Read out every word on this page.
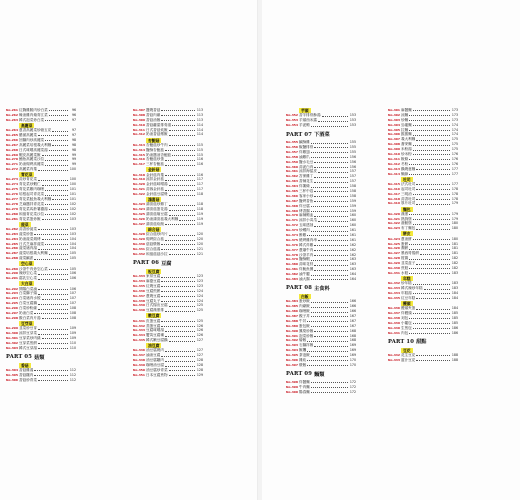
No.261 紅麴雞腿肉炒白菜	96
No.262 蠔油雞肉燴青江菜	96
No.263 韓式泡菜炒白菜	97
高麗菜
No.264 蔥香高麗菜炒豬五花	97
No.265 醋溜高麗菜	97
No.266 回鍋肉炒高麗菜	98
No.267 高麗菜培根義大利麵	98
No.268 日式味噌高麗菜湯	98
No.269 蝦皮高麗菜飯	99
No.270 鮪魚高麗菜沙拉	99
No.271 奶油焗烤高麗菜	99
No.272 高麗菜肉捲	100
青花菜
No.273 蒜炒青花菜	100
No.274 青花菜炒蝦仁	100
No.275 青花菜雞肉咖哩	101
No.276 培根起司青花菜	101
No.277 青花菜鮭魚義大利麵	101
No.278 芝麻醬拌青花菜	102
No.279 青花菜馬鈴薯濃湯	102
No.280 和風青花菜沙拉	102
No.281 青花菜蛋炒飯	103
菠菜
No.282 蒜香炒菠菜	103
No.283 菠菜炒蛋	103
No.284 奶油菠菜焗烤	104
No.285 日式芝麻拌菠菜	104
No.286 菠菜豬肉湯	104
No.287 菠菜培根義大利麵	105
No.288 菠菜鹹派	105
空心菜
No.289 沙茶牛肉炒空心菜	105
No.290 辣炒空心菜	106
No.291 腐乳空心菜	106
大白菜
No.292 開陽白菜滷	106
No.293 白菜獅子頭	107
No.294 白菜豬肉水餃	107
No.295 白菜豆腐鍋	107
No.296 白菜炒粉絲	108
No.297 奶油白菜	108
No.298 酸白菜肉片湯	108
豆芽菜
No.299 韭菜炒豆芽	109
No.300 涼拌豆芽菜	109
No.301 豆芽菜炒肉絲	109
No.302 豆芽菜煎餅	110
No.303 韓式豆芽湯	110
PART 05 菇類
香菇
No.304 香菇雞湯	112
No.305 香菇鑲肉	112
No.306 香菇炒青菜	112
No.307 醬燒香菇	113
No.308 香菇肉燥	113
No.309 香菇油飯	113
No.310 香菇蘿蔔排骨湯	114
No.311 日式香菇炊飯	114
No.312 奶油香菇燉飯	114
杏鮑菇
No.313 杏鮑菇炒牛肉	115
No.314 鹽酥杏鮑菇	115
No.315 奶油醬油杏鮑菇	115
No.316 杏鮑菇炒蛋	116
No.317 三杯杏鮑菇	116
金針菇
No.318 金針菇肉捲	116
No.319 涼拌金針菇	117
No.320 金針菇味噌湯	117
No.321 蒜蓉金針菇	117
No.322 金針菇豆腐煲	118
鴻喜菇
No.323 鴻喜菇炒雞丁	118
No.324 鴻喜菇蛋花湯	118
No.325 鴻喜菇燴豆腐	119
No.326 奶油鴻喜菇義大利麵	119
No.327 鴻喜菇炊飯	119
綜合菇
No.328 綜合菇炒肉片	120
No.329 焗烤綜合菇	120
No.330 菇菇燉飯	120
No.331 綜合菇湯	121
No.332 和風菇菇沙拉	121
PART 06 豆腐
板豆腐
No.333 家常豆腐	123
No.334 麻婆豆腐	123
No.335 紅燒豆腐	123
No.336 豆腐煎餅	124
No.337 蔥燒豆腐	124
No.338 豆腐丸子	124
No.339 日式揚出豆腐	125
No.340 豆腐漢堡排	125
嫩豆腐
No.341 皮蛋豆腐	125
No.342 蒸蛋豆腐	126
No.343 豆腐味噌湯	126
No.344 蟹黃豆腐羹	126
No.345 韓式嫩豆腐鍋	127
油豆腐
No.346 油豆腐燒肉	127
No.347 滷油豆腐	127
No.348 油豆腐鑲肉	128
No.349 咖哩油豆腐	128
No.350 油豆腐炒青菜	128
No.351 日本豆腐煮物	129
芋頭
No.352 香芋排骨酥湯	153
No.353 芋頭西米露	153
No.354 芋泥鴨	153
PART 07 下酒菜
No.355 鹹酥雞	155
No.356 椒鹽排骨	155
No.357 炸雞翅	155
No.358 滷雞爪	156
No.359 鹽水毛豆	156
No.360 蒜泥白肉	156
No.361 涼拌海蜇皮	157
No.362 宮保雞丁	157
No.363 香辣花生	157
No.364 炸薯條	158
No.365 三杯中卷	158
No.366 客家小炒	158
No.367 鹽烤香魚	159
No.368 炸豆腐	159
No.369 烤香腸	159
No.370 麻辣鴨血	160
No.371 涼拌小黃瓜	160
No.372 五味透抽	160
No.373 炒螺肉	161
No.374 醉雞	161
No.375 燒烤雞肉串	161
No.376 韓式炸雞	162
No.377 蔥爆牛肉	162
No.378 沙茶羊肉	162
No.379 鹽酥蝦	163
No.380 蒜味花枝	163
No.381 炸魷魚圈	163
No.382 滷牛腱	164
No.383 滷大腸	164
PART 08 主食料
白飯
No.384 蛋炒飯	166
No.385 肉燥飯	166
No.386 咖哩飯	166
No.387 親子丼	167
No.388 牛丼	167
No.389 蛋包飯	167
No.390 鳳梨炒飯	168
No.391 泡菜炒飯	168
No.392 燴飯	168
No.393 石鍋拌飯	169
No.394 飯糰	169
No.395 茶泡飯	169
No.396 雜炊	170
No.397 燉飯	170
PART 09 麵類
No.398 炸醬麵	172
No.399 牛肉麵	172
No.400 陽春麵	172
No.401 麻醬麵	173
No.402 涼麵	173
No.403 炒麵	173
No.404 烏龍麵	174
No.405 拉麵	174
No.406 擔擔麵	174
No.407 義大利麵	175
No.408 蕎麥麵	175
No.409 米粉湯	175
No.410 炒米粉	176
No.411 粄條	176
No.412 冬粉	176
No.413 鍋燒意麵	177
No.414 麵線	177
吐司
No.415 法式吐司	177
No.416 起司吐司	178
No.417 三明治	178
No.418 蒜香吐司	178
No.419 厚片吐司	179
麵包
No.420 漢堡	179
No.421 熱狗堡	179
No.422 潛艇堡	180
No.423 布丁麵包	180
餅皮
No.424 蔥油餅	180
No.425 蛋餅	181
No.426 潤餅	181
No.427 墨西哥捲餅	181
No.428 披薩	182
No.429 韭菜盒子	182
No.430 煎餃	182
No.431 水餃	183
年糕
No.432 炒年糕	183
No.433 韓式辣炒年糕	183
No.434 年糕湯	184
No.435 紅豆年糕	184
饅頭
No.436 饅頭夾蛋	184
No.437 炸饅頭	185
No.438 刈包	185
No.439 小籠包	185
No.440 生煎包	186
No.441 肉包	186
PART 10 甜點
豆花
No.442 花生豆花	188
No.443 薑汁豆花	188
